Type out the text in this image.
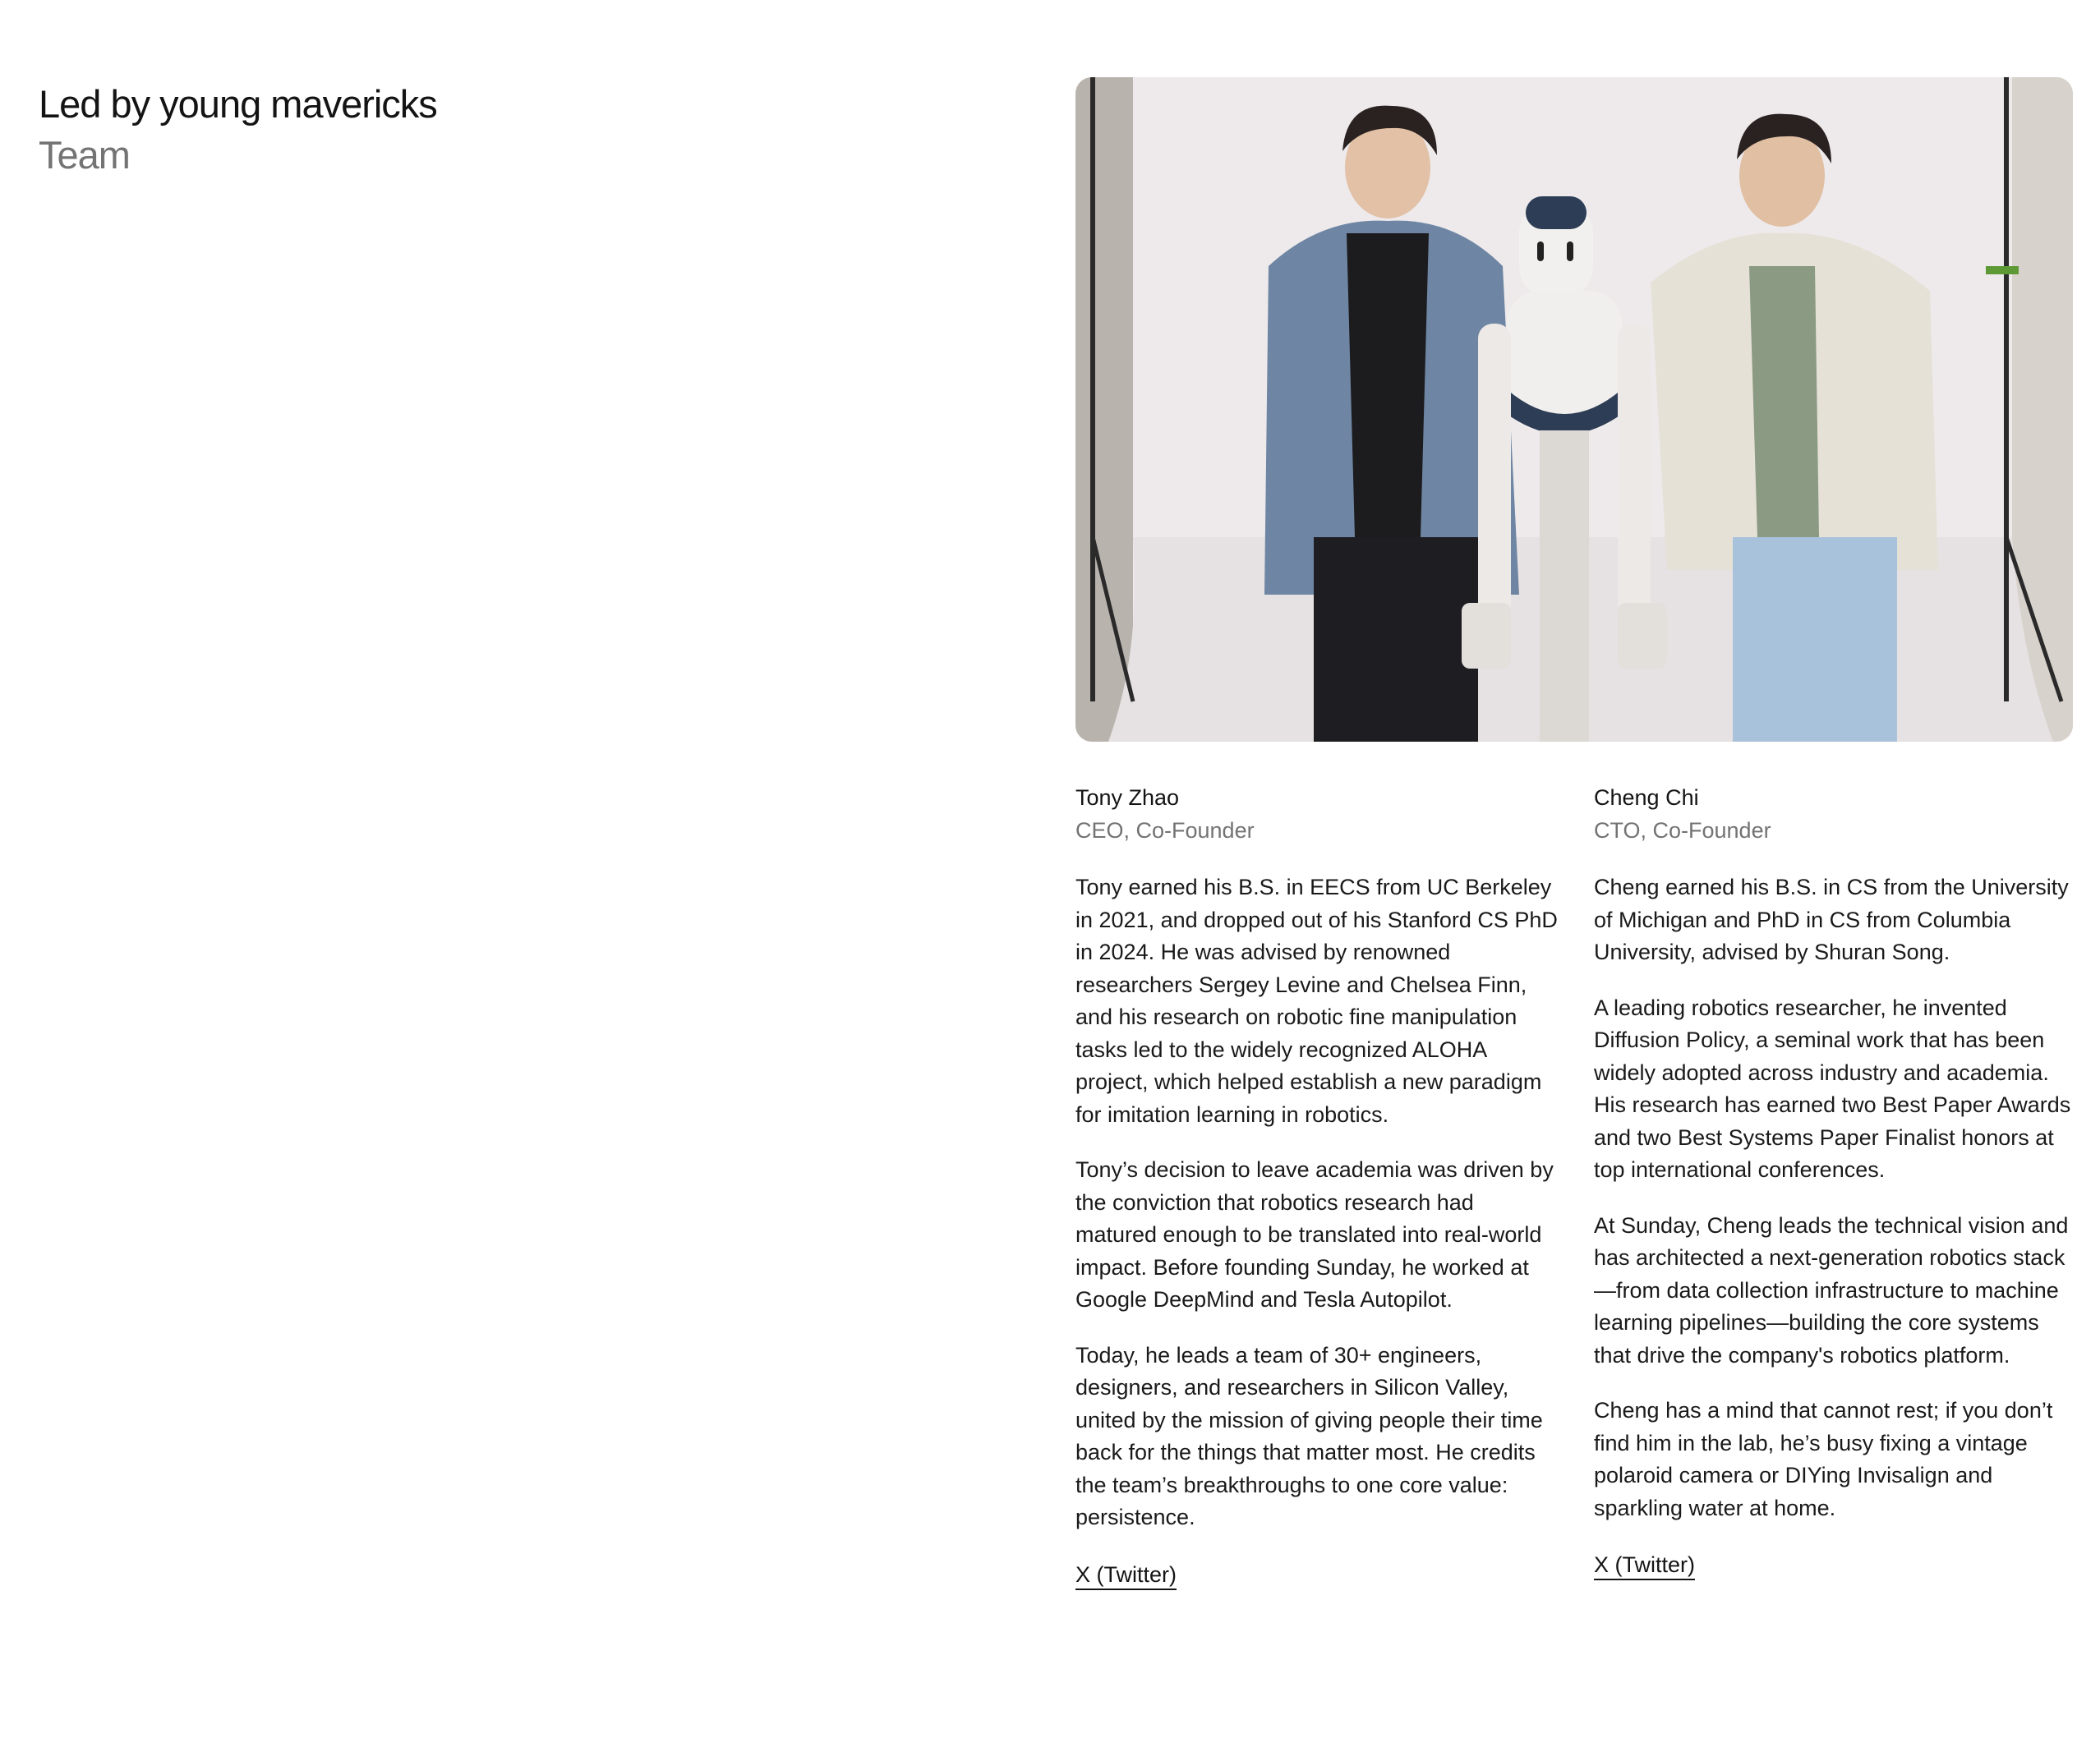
Led by young mavericks
Team
Tony Zhao
CEO, Co-Founder

Tony earned his B.S. in EECS from UC Berkeley in 2021, and dropped out of his Stanford CS PhD in 2024. He was advised by renowned researchers Sergey Levine and Chelsea Finn, and his research on robotic fine manipulation tasks led to the widely recognized ALOHA project, which helped establish a new paradigm for imitation learning in robotics.

Tony’s decision to leave academia was driven by the conviction that robotics research had matured enough to be translated into real-world impact. Before founding Sunday, he worked at Google DeepMind and Tesla Autopilot.

Today, he leads a team of 30+ engineers, designers, and researchers in Silicon Valley, united by the mission of giving people their time back for the things that matter most. He credits the team’s breakthroughs to one core value: persistence.

X (Twitter)
Cheng Chi
CTO, Co-Founder

Cheng earned his B.S. in CS from the University of Michigan and PhD in CS from Columbia University, advised by Shuran Song.

A leading robotics researcher, he invented Diffusion Policy, a seminal work that has been widely adopted across industry and academia. His research has earned two Best Paper Awards and two Best Systems Paper Finalist honors at top international conferences.

At Sunday, Cheng leads the technical vision and has architected a next-generation robotics stack—from data collection infrastructure to machine learning pipelines—building the core systems that drive the company's robotics platform.

Cheng has a mind that cannot rest; if you don’t find him in the lab, he’s busy fixing a vintage polaroid camera or DIYing Invisalign and sparkling water at home.

X (Twitter)
